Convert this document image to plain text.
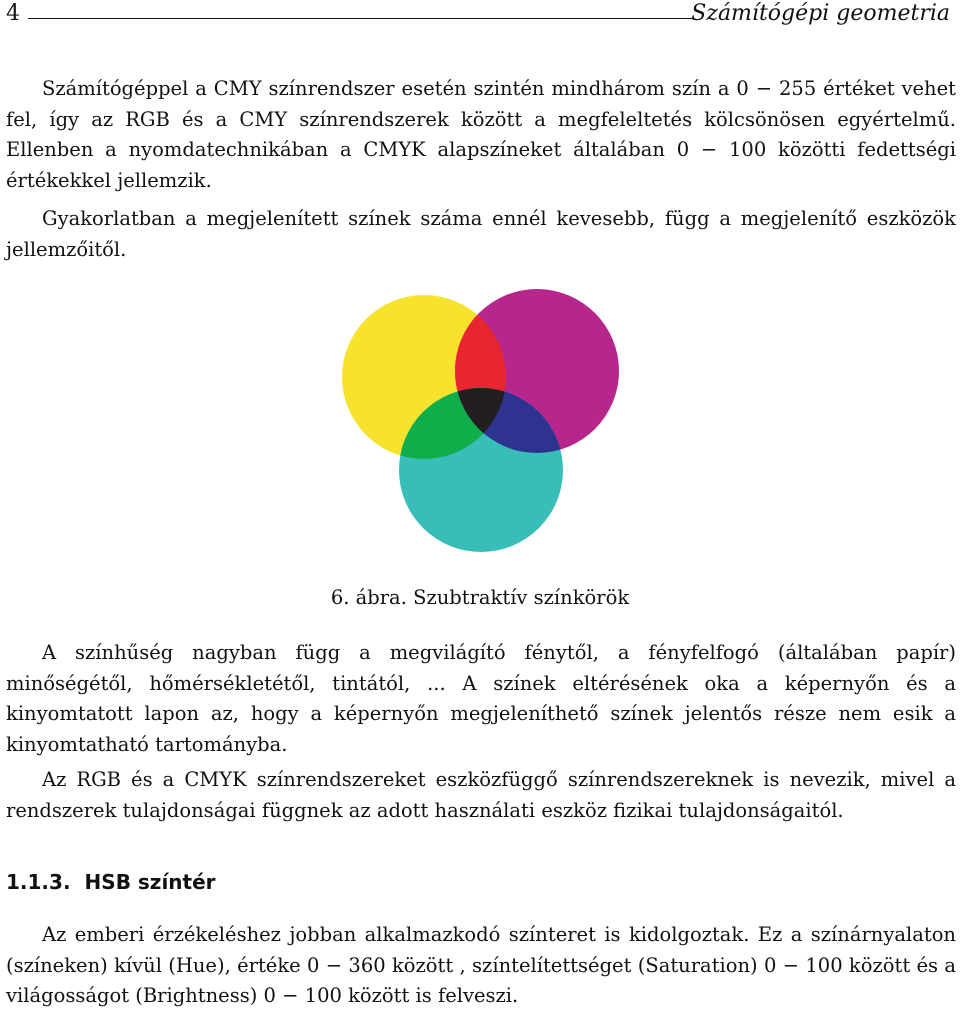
4	Számítógépi geometria

Számítógéppel a CMY színrendszer esetén szintén mindhárom szín a 0 − 255 értéket vehet fel, így az RGB és a CMY színrendszerek között a megfeleltetés kölcsönösen egyértelmű. Ellenben a nyomdatechnikában a CMYK alapszíneket általában 0 − 100 közötti fedettségi értékekkel jellemzik.

Gyakorlatban a megjelenített színek száma ennél kevesebb, függ a megjelenítő eszközök jellemzőitől.

6. ábra. Szubtraktív színkörök

A színhűség nagyban függ a megvilágító fénytől, a fényfelfogó (általában papír) minőségétől, hőmérsékletétől, tintától, ... A színek eltérésének oka a képernyőn és a kinyomtatott lapon az, hogy a képernyőn megjeleníthető színek jelentős része nem esik a kinyomtatható tartományba.

Az RGB és a CMYK színrendszereket eszközfüggő színrendszereknek is nevezik, mivel a rendszerek tulajdonságai függnek az adott használati eszköz fizikai tulajdonságaitól.

1.1.3. HSB színtér

Az emberi érzékeléshez jobban alkalmazkodó színteret is kidolgoztak. Ez a színárnyalaton (színeken) kívül (Hue), értéke 0 − 360 között , színtelítettséget (Saturation) 0 − 100 között és a világosságot (Brightness) 0 − 100 között is felveszi.
